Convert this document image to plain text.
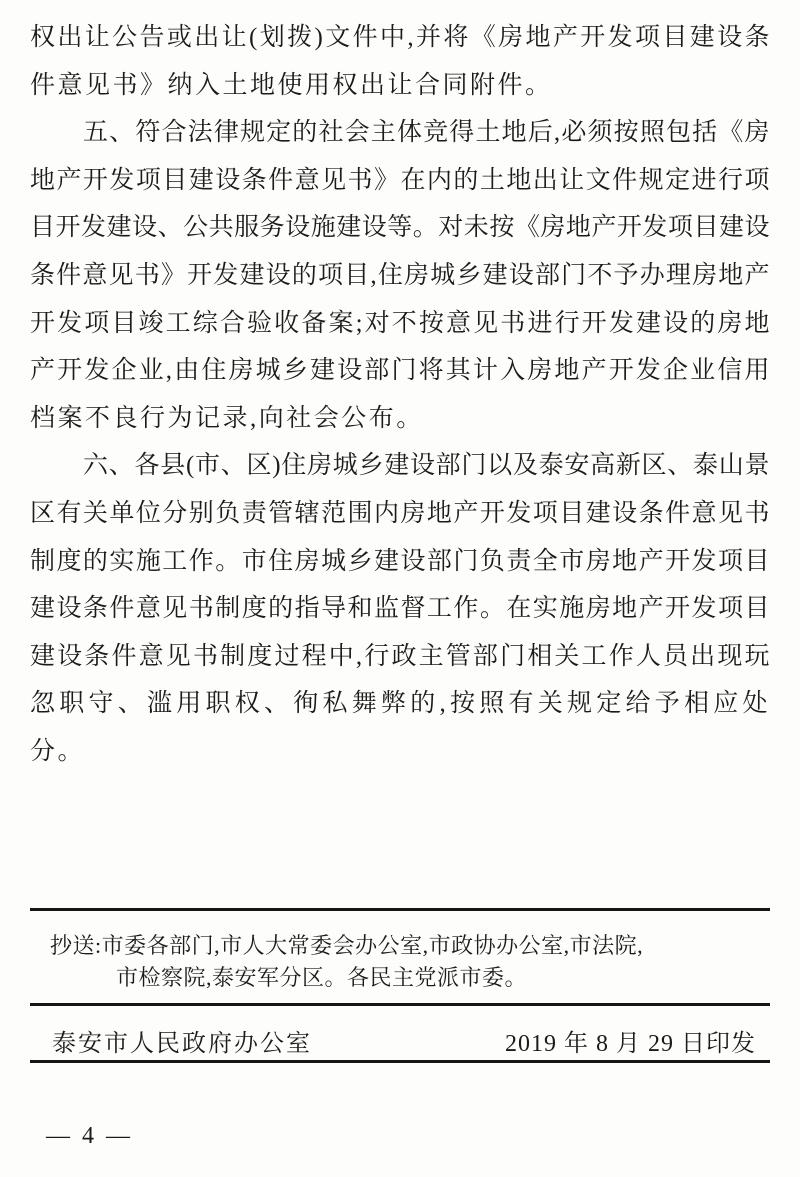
权出让公告或出让(划拨)文件中,并将《房地产开发项目建设条

件意见书》纳入土地使用权出让合同附件。

五、符合法律规定的社会主体竞得土地后,必须按照包括《房

地产开发项目建设条件意见书》在内的土地出让文件规定进行项

目开发建设、公共服务设施建设等。对未按《房地产开发项目建设

条件意见书》开发建设的项目,住房城乡建设部门不予办理房地产

开发项目竣工综合验收备案;对不按意见书进行开发建设的房地

产开发企业,由住房城乡建设部门将其计入房地产开发企业信用

档案不良行为记录,向社会公布。

六、各县(市、区)住房城乡建设部门以及泰安高新区、泰山景

区有关单位分别负责管辖范围内房地产开发项目建设条件意见书

制度的实施工作。市住房城乡建设部门负责全市房地产开发项目

建设条件意见书制度的指导和监督工作。在实施房地产开发项目

建设条件意见书制度过程中,行政主管部门相关工作人员出现玩

忽职守、滥用职权、徇私舞弊的,按照有关规定给予相应处分。

抄送:市委各部门,市人大常委会办公室,市政协办公室,市法院,
市检察院,泰安军分区。各民主党派市委。
泰安市人民政府办公室	2019 年 8 月 29 日印发
— 4 —
